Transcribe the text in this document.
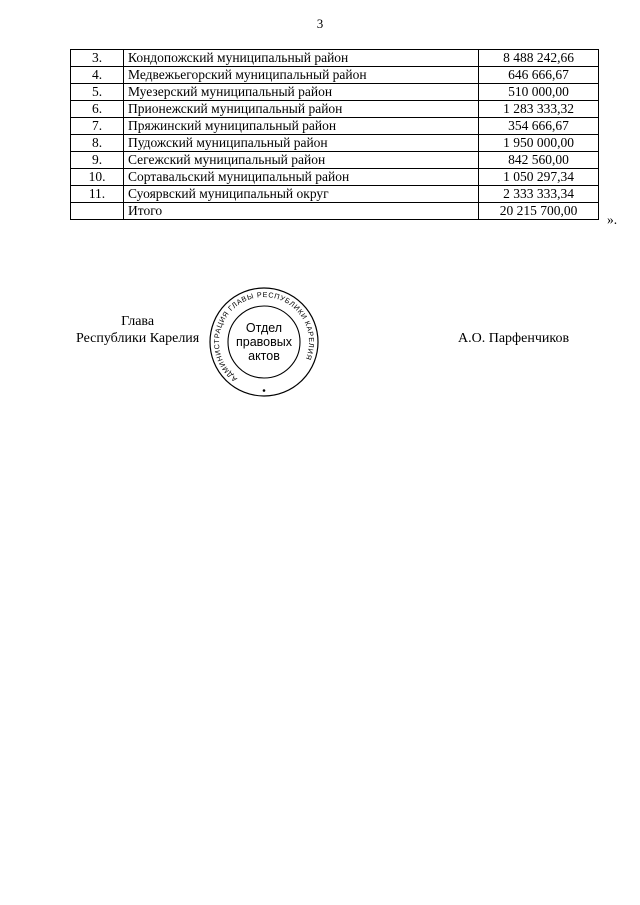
3
3.	Кондопожский муниципальный район	8 488 242,66
4.	Медвежьегорский муниципальный район	646 666,67
5.	Муезерский муниципальный район	510 000,00
6.	Прионежский муниципальный район	1 283 333,32
7.	Пряжинский муниципальный район	354 666,67
8.	Пудожский муниципальный район	1 950 000,00
9.	Сегежский муниципальный район	842 560,00
10.	Сортавальский муниципальный район	1 050 297,34
11.	Суоярвский муниципальный округ	2 333 333,34
	Итого	20 215 700,00
».
Глава
Республики Карелия	А.О. Парфенчиков
АДМИНИСТРАЦИЯ ГЛАВЫ РЕСПУБЛИКИ КАРЕЛИЯ
Отдел
правовых
актов
